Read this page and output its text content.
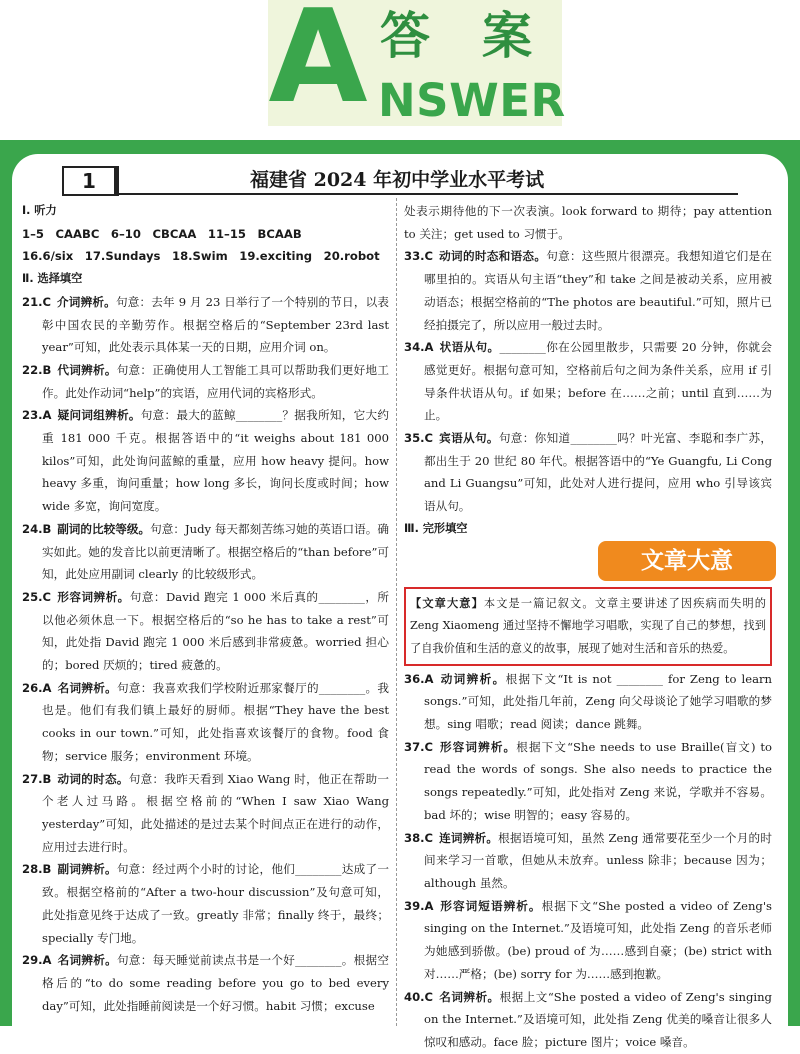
A 答案
NSWER
1	福建省 2024 年初中学业水平考试

Ⅰ. 听力

1–5　CAABC　6–10　CBCAA　11–15　BCAAB

16.6/six　17.Sundays　18.Swim　19.exciting　20.robot

Ⅱ. 选择填空

21.C  介词辨析。句意：去年 9 月 23 日举行了一个特别的节日，以表彰中国农民的辛勤劳作。根据空格后的“September 23rd last year”可知，此处表示具体某一天的日期，应用介词 on。

22.B  代词辨析。句意：正确使用人工智能工具可以帮助我们更好地工作。此处作动词“help”的宾语，应用代词的宾格形式。

23.A  疑问词组辨析。句意：最大的蓝鲸________？据我所知，它大约重 181 000 千克。根据答语中的“it weighs about 181 000 kilos”可知，此处询问蓝鲸的重量，应用 how heavy 提问。how heavy 多重，询问重量；how long 多长，询问长度或时间；how wide 多宽，询问宽度。

24.B  副词的比较等级。句意：Judy 每天都刻苦练习她的英语口语。确实如此。她的发音比以前更清晰了。根据空格后的“than before”可知，此处应用副词 clearly 的比较级形式。

25.C  形容词辨析。句意：David 跑完 1 000 米后真的________，所以他必须休息一下。根据空格后的“so he has to take a rest”可知，此处指 David 跑完 1 000 米后感到非常疲惫。worried 担心的；bored 厌烦的；tired 疲惫的。

26.A  名词辨析。句意：我喜欢我们学校附近那家餐厅的________。我也是。他们有我们镇上最好的厨师。根据“They have the best cooks in our town.”可知，此处指喜欢该餐厅的食物。food 食物；service 服务；environment 环境。

27.B  动词的时态。句意：我昨天看到 Xiao Wang 时，他正在帮助一个老人过马路。根据空格前的“When I saw Xiao Wang yesterday”可知，此处描述的是过去某个时间点正在进行的动作，应用过去进行时。

28.B  副词辨析。句意：经过两个小时的讨论，他们________达成了一致。根据空格前的“After a two-hour discussion”及句意可知，此处指意见终于达成了一致。greatly 非常；finally 终于，最终；specially 专门地。

29.A  名词辨析。句意：每天睡觉前读点书是一个好________。根据空格后的“to do some reading before you go to bed every day”可知，此处指睡前阅读是一个好习惯。habit 习惯；excuse

处表示期待他的下一次表演。look forward to 期待；pay attention to 关注；get used to 习惯于。

33.C  动词的时态和语态。句意：这些照片很漂亮。我想知道它们是在哪里拍的。宾语从句主语“they”和 take 之间是被动关系，应用被动语态；根据空格前的“The photos are beautiful.”可知，照片已经拍摄完了，所以应用一般过去时。

34.A  状语从句。________你在公园里散步，只需要 20 分钟，你就会感觉更好。根据句意可知，空格前后句之间为条件关系，应用 if 引导条件状语从句。if 如果；before 在……之前；until 直到……为止。

35.C  宾语从句。句意：你知道________吗？叶光富、李聪和李广苏，都出生于 20 世纪 80 年代。根据答语中的“Ye Guangfu, Li Cong and Li Guangsu”可知，此处对人进行提问，应用 who 引导该宾语从句。

Ⅲ. 完形填空

文章大意
【文章大意】本文是一篇记叙文。文章主要讲述了因疾病而失明的 Zeng Xiaomeng 通过坚持不懈地学习唱歌，实现了自己的梦想，找到了自我价值和生活的意义的故事，展现了她对生活和音乐的热爱。

36.A  动词辨析。根据下文“It is not ________ for Zeng to learn songs.”可知，此处指几年前，Zeng 向父母谈论了她学习唱歌的梦想。sing 唱歌；read 阅读；dance 跳舞。

37.C  形容词辨析。根据下文“She needs to use Braille(盲文) to read the words of songs. She also needs to practice the songs repeatedly.”可知，此处指对 Zeng 来说，学歌并不容易。bad 坏的；wise 明智的；easy 容易的。

38.C  连词辨析。根据语境可知，虽然 Zeng 通常要花至少一个月的时间来学习一首歌，但她从未放弃。unless 除非；because 因为；although 虽然。

39.A  形容词短语辨析。根据下文“She posted a video of Zeng's singing on the Internet.”及语境可知，此处指 Zeng 的音乐老师为她感到骄傲。(be) proud of 为……感到自豪；(be) strict with 对……严格；(be) sorry for 为……感到抱歉。

40.C  名词辨析。根据上文“She posted a video of Zeng's singing on the Internet.”及语境可知，此处指 Zeng 优美的嗓音让很多人惊叹和感动。face 脸；picture 图片；voice 嗓音。
